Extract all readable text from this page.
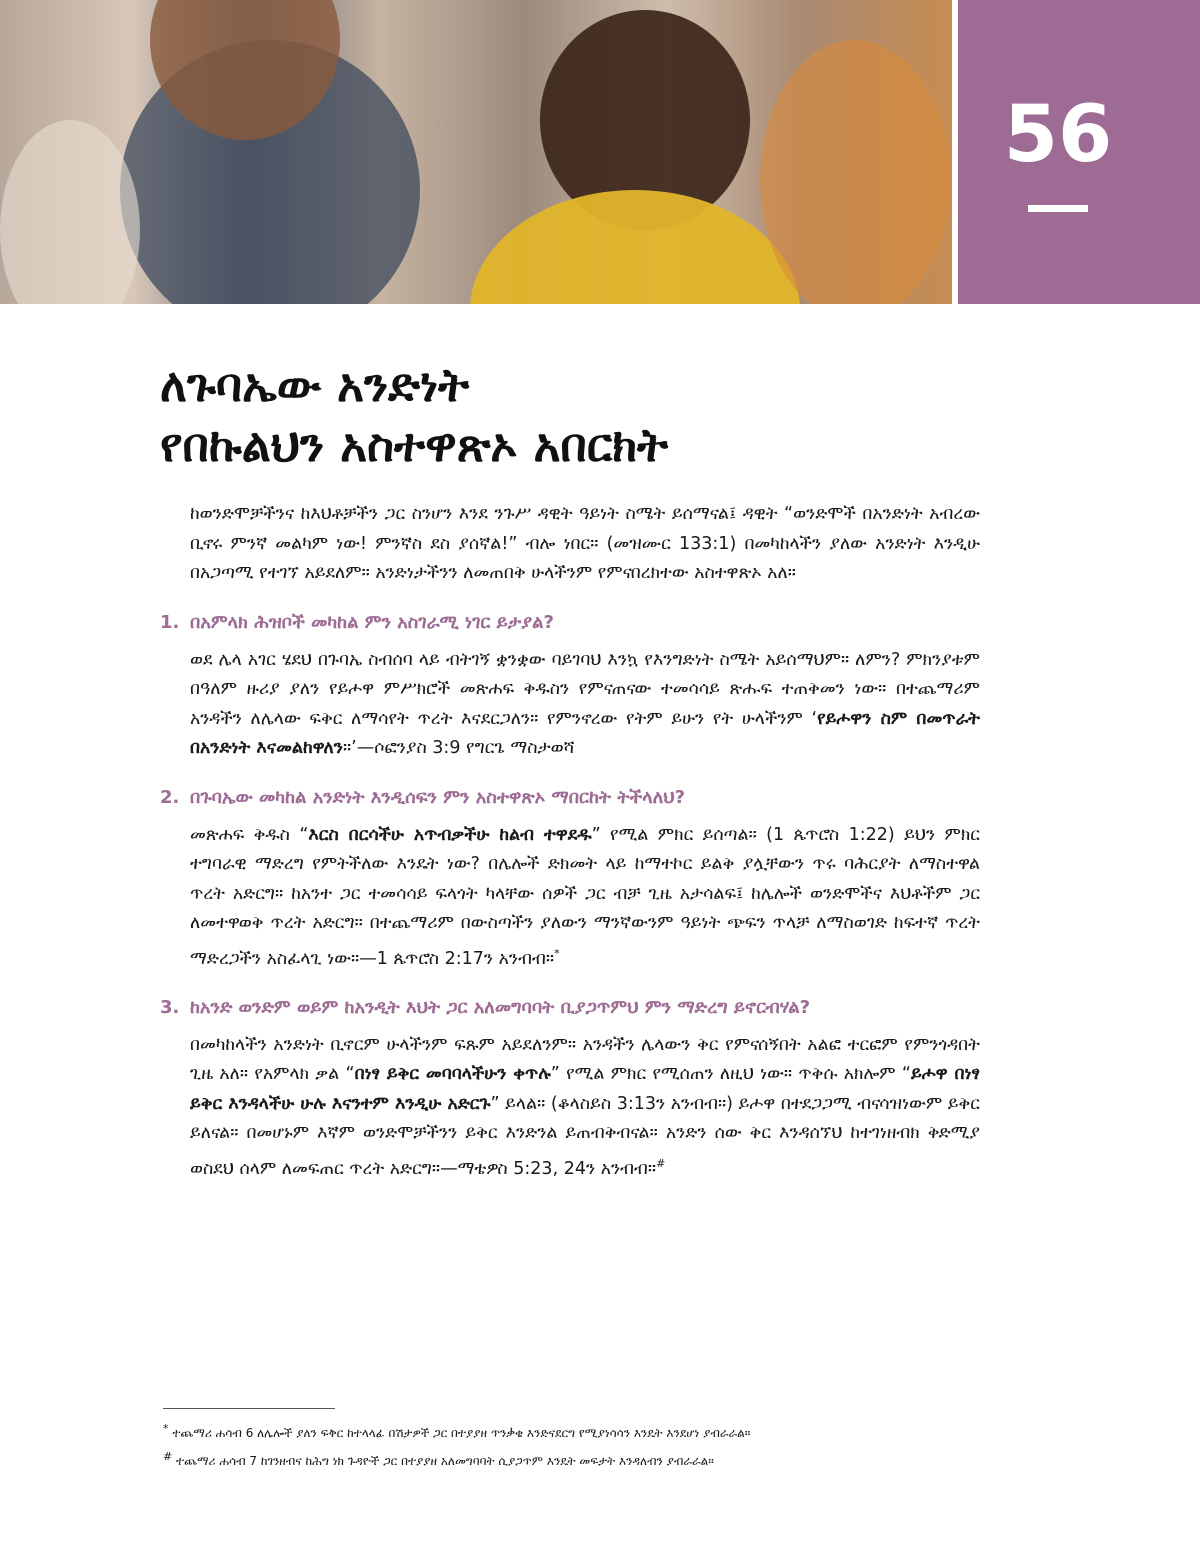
56
ለጉባኤው አንድነት
የበኩልህን አስተዋጽኦ አበርክት

ከወንድሞቻችንና ከእህቶቻችን ጋር ስንሆን እንደ ንጉሥ ዳዊት ዓይነት ስሜት ይሰማናል፤ ዳዊት “ወንድሞች በአንድነት አብረው ቢኖሩ ምንኛ መልካም ነው! ምንኛስ ደስ ያሰኛል!” ብሎ ነበር። (መዝሙር 133:1) በመካከላችን ያለው አንድነት እንዲሁ በአጋጣሚ የተገኘ አይደለም። አንድነታችንን ለመጠበቅ ሁላችንም የምናበረክተው አስተዋጽኦ አለ።

1. በአምላክ ሕዝቦች መካከል ምን አስገራሚ ነገር ይታያል?

ወደ ሌላ አገር ሄደህ በጉባኤ ስብሰባ ላይ ብትገኝ ቋንቋው ባይገባህ እንኳ የእንግድነት ስሜት አይሰማህም። ለምን? ምክንያቱም በዓለም ዙሪያ ያለን የይሖዋ ምሥክሮች መጽሐፍ ቅዱስን የምናጠናው ተመሳሳይ ጽሑፍ ተጠቅመን ነው። በተጨማሪም አንዳችን ለሌላው ፍቅር ለማሳየት ጥረት እናደርጋለን። የምንኖረው የትም ይሁን የት ሁላችንም ‘የይሖዋን ስም በመጥራት በአንድነት እናመልከዋለን።’—ሶፎንያስ 3:9 የግርጌ ማስታወሻ

2. በጉባኤው መካከል አንድነት እንዲሰፍን ምን አስተዋጽኦ ማበርከት ትችላለህ?

መጽሐፍ ቅዱስ “እርስ በርሳችሁ አጥብቃችሁ ከልብ ተዋደዱ” የሚል ምክር ይሰጣል። (1 ጴጥሮስ 1:22) ይህን ምክር ተግባራዊ ማድረግ የምትችለው እንዴት ነው? በሌሎች ድክመት ላይ ከማተኮር ይልቅ ያሏቸውን ጥሩ ባሕርያት ለማስተዋል ጥረት አድርግ። ከአንተ ጋር ተመሳሳይ ፍላጎት ካላቸው ሰዎች ጋር ብቻ ጊዜ አታሳልፍ፤ ከሌሎች ወንድሞችና እህቶችም ጋር ለመተዋወቅ ጥረት አድርግ። በተጨማሪም በውስጣችን ያለውን ማንኛውንም ዓይነት ጭፍን ጥላቻ ለማስወገድ ከፍተኛ ጥረት ማድረጋችን አስፈላጊ ነው።—1 ጴጥሮስ 2:17ን አንብብ።*

3. ከአንድ ወንድም ወይም ከአንዲት እህት ጋር አለመግባባት ቢያጋጥምህ ምን ማድረግ ይኖርብሃል?

በመካከላችን አንድነት ቢኖርም ሁላችንም ፍጹም አይደለንም። አንዳችን ሌላውን ቅር የምናሰኝበት አልፎ ተርፎም የምንጎዳበት ጊዜ አለ። የአምላክ ቃል “በነፃ ይቅር መባባላችሁን ቀጥሉ” የሚል ምክር የሚሰጠን ለዚህ ነው። ጥቅሱ አክሎም “ይሖዋ በነፃ ይቅር እንዳላችሁ ሁሉ እናንተም እንዲሁ አድርጉ” ይላል። (ቆላስይስ 3:13ን አንብብ።) ይሖዋ በተደጋጋሚ ብናሳዝነውም ይቅር ይለናል። በመሆኑም እኛም ወንድሞቻችንን ይቅር እንድንል ይጠብቅብናል። አንድን ሰው ቅር እንዳሰኘህ ከተገነዘብክ ቅድሚያ ወስደህ ሰላም ለመፍጠር ጥረት አድርግ።—ማቴዎስ 5:23, 24ን አንብብ።#

* ተጨማሪ ሐሳብ 6 ለሌሎች ያለን ፍቅር ከተላላፊ በሽታዎች ጋር በተያያዘ ጥንቃቄ እንድናደርግ የሚያነሳሳን እንዴት እንደሆነ ያብራራል።

# ተጨማሪ ሐሳብ 7 ከገንዘብና ከሕግ ነክ ጉዳዮች ጋር በተያያዘ አለመግባባት ሲያጋጥም እንዴት መፍታት እንዳለብን ያብራራል።
